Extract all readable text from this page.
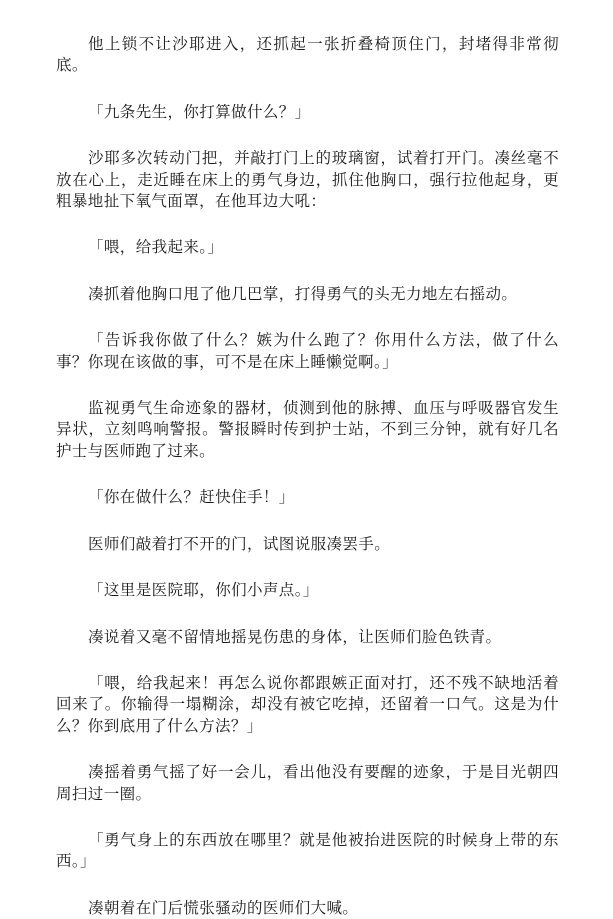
他上锁不让沙耶进入，还抓起一张折叠椅顶住门，封堵得非常彻底。

「九条先生，你打算做什么？」

沙耶多次转动门把，并敲打门上的玻璃窗，试着打开门。凑丝毫不放在心上，走近睡在床上的勇气身边，抓住他胸口，强行拉他起身，更粗暴地扯下氧气面罩，在他耳边大吼：

「喂，给我起来。」

凑抓着他胸口甩了他几巴掌，打得勇气的头无力地左右摇动。

「告诉我你做了什么？嫉为什么跑了？你用什么方法，做了什么事？你现在该做的事，可不是在床上睡懒觉啊。」

监视勇气生命迹象的器材，侦测到他的脉搏、血压与呼吸器官发生异状，立刻鸣响警报。警报瞬时传到护士站，不到三分钟，就有好几名护士与医师跑了过来。

「你在做什么？赶快住手！」

医师们敲着打不开的门，试图说服凑罢手。

「这里是医院耶，你们小声点。」

凑说着又毫不留情地摇晃伤患的身体，让医师们脸色铁青。

「喂，给我起来！再怎么说你都跟嫉正面对打，还不残不缺地活着回来了。你输得一塌糊涂，却没有被它吃掉，还留着一口气。这是为什么？你到底用了什么方法？」

凑摇着勇气摇了好一会儿，看出他没有要醒的迹象，于是目光朝四周扫过一圈。

「勇气身上的东西放在哪里？就是他被抬进医院的时候身上带的东西。」

凑朝着在门后慌张骚动的医师们大喊。
